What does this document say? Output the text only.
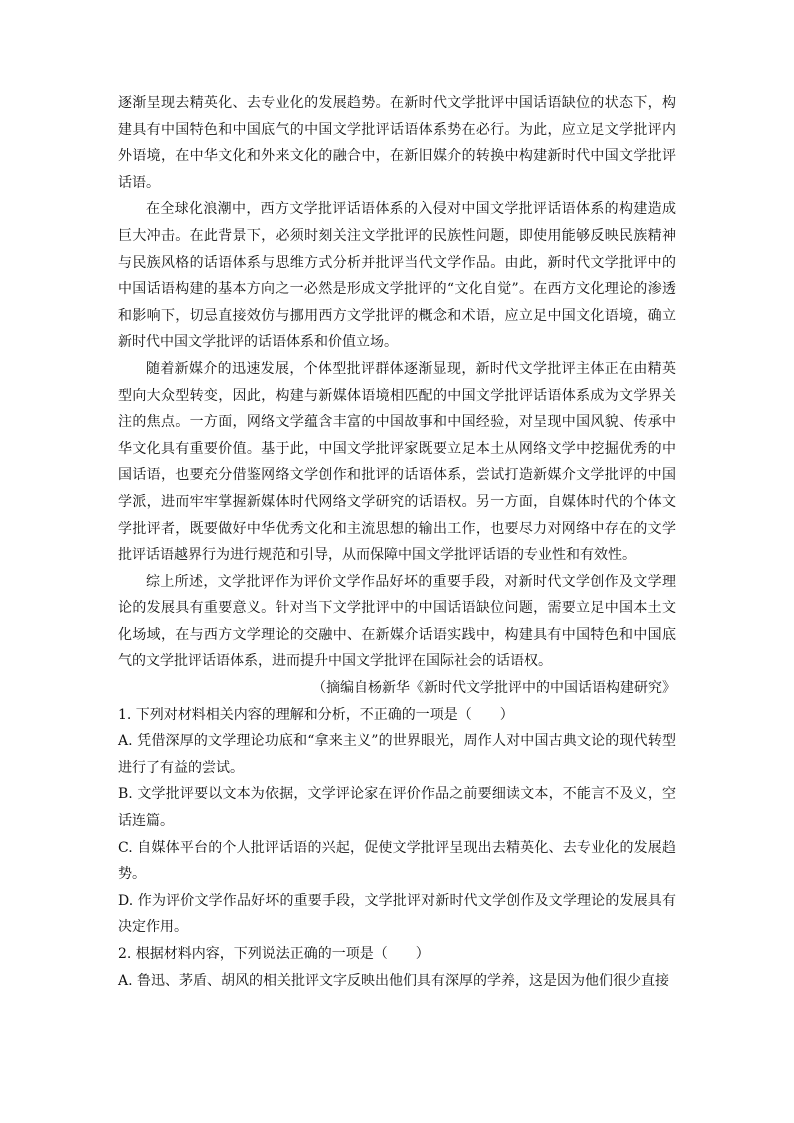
逐渐呈现去精英化、去专业化的发展趋势。在新时代文学批评中国话语缺位的状态下，构建具有中国特色和中国底气的中国文学批评话语体系势在必行。为此，应立足文学批评内外语境，在中华文化和外来文化的融合中，在新旧媒介的转换中构建新时代中国文学批评话语。

在全球化浪潮中，西方文学批评话语体系的入侵对中国文学批评话语体系的构建造成巨大冲击。在此背景下，必须时刻关注文学批评的民族性问题，即使用能够反映民族精神与民族风格的话语体系与思维方式分析并批评当代文学作品。由此，新时代文学批评中的中国话语构建的基本方向之一必然是形成文学批评的“文化自觉”。在西方文化理论的渗透和影响下，切忌直接效仿与挪用西方文学批评的概念和术语，应立足中国文化语境，确立新时代中国文学批评的话语体系和价值立场。

随着新媒介的迅速发展，个体型批评群体逐渐显现，新时代文学批评主体正在由精英型向大众型转变，因此，构建与新媒体语境相匹配的中国文学批评话语体系成为文学界关注的焦点。一方面，网络文学蕴含丰富的中国故事和中国经验，对呈现中国风貌、传承中华文化具有重要价值。基于此，中国文学批评家既要立足本土从网络文学中挖掘优秀的中国话语，也要充分借鉴网络文学创作和批评的话语体系，尝试打造新媒介文学批评的中国学派，进而牢牢掌握新媒体时代网络文学研究的话语权。另一方面，自媒体时代的个体文学批评者，既要做好中华优秀文化和主流思想的输出工作，也要尽力对网络中存在的文学批评话语越界行为进行规范和引导，从而保障中国文学批评话语的专业性和有效性。

综上所述，文学批评作为评价文学作品好坏的重要手段，对新时代文学创作及文学理论的发展具有重要意义。针对当下文学批评中的中国话语缺位问题，需要立足中国本土文化场域，在与西方文学理论的交融中、在新媒介话语实践中，构建具有中国特色和中国底气的文学批评话语体系，进而提升中国文学批评在国际社会的话语权。

（摘编自杨新华《新时代文学批评中的中国话语构建研究》

1. 下列对材料相关内容的理解和分析，不正确的一项是（　　）

A. 凭借深厚的文学理论功底和“拿来主义”的世界眼光，周作人对中国古典文论的现代转型进行了有益的尝试。

B. 文学批评要以文本为依据，文学评论家在评价作品之前要细读文本，不能言不及义，空话连篇。

C. 自媒体平台的个人批评话语的兴起，促使文学批评呈现出去精英化、去专业化的发展趋势。

D. 作为评价文学作品好坏的重要手段，文学批评对新时代文学创作及文学理论的发展具有决定作用。

2. 根据材料内容，下列说法正确的一项是（　　）

A. 鲁迅、茅盾、胡风的相关批评文字反映出他们具有深厚的学养，这是因为他们很少直接
